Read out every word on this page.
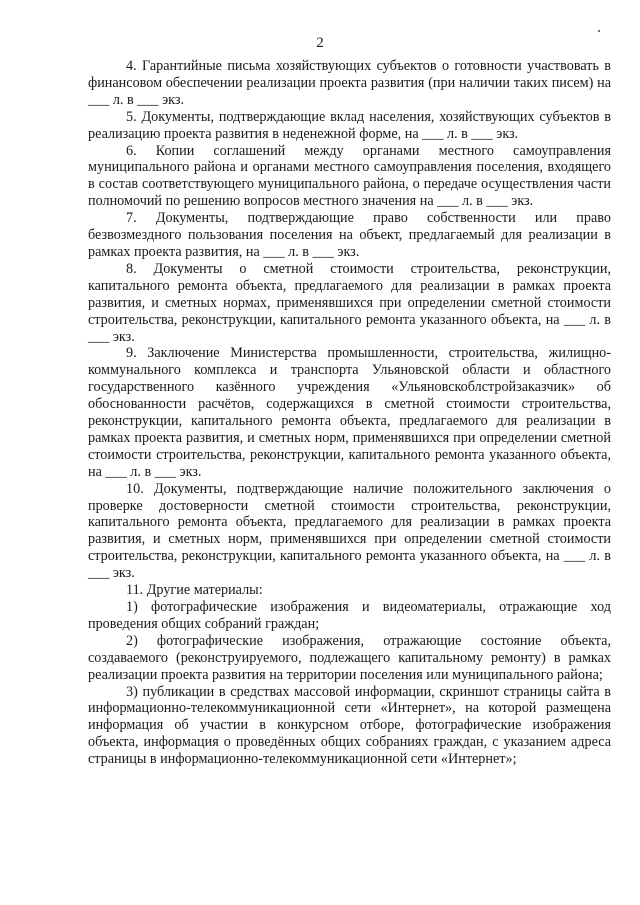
2

4. Гарантийные письма хозяйствующих субъектов о готовности участвовать в финансовом обеспечении реализации проекта развития (при наличии таких писем) на ___ л. в ___ экз.

5. Документы, подтверждающие вклад населения, хозяйствующих субъектов в реализацию проекта развития в неденежной форме, на ___ л. в ___ экз.

6. Копии соглашений между органами местного самоуправления муниципального района и органами местного самоуправления поселения, входящего в состав соответствующего муниципального района, о передаче осуществления части полномочий по решению вопросов местного значения на ___ л. в ___ экз.

7. Документы, подтверждающие право собственности или право безвозмездного пользования поселения на объект, предлагаемый для реализации в рамках проекта развития, на ___ л. в ___ экз.

8. Документы о сметной стоимости строительства, реконструкции, капитального ремонта объекта, предлагаемого для реализации в рамках проекта развития, и сметных нормах, применявшихся при определении сметной стоимости строительства, реконструкции, капитального ремонта указанного объекта, на ___ л. в ___ экз.

9. Заключение Министерства промышленности, строительства, жилищно-коммунального комплекса и транспорта Ульяновской области и областного государственного казённого учреждения «Ульяновскоблстройзаказчик» об обоснованности расчётов, содержащихся в сметной стоимости строительства, реконструкции, капитального ремонта объекта, предлагаемого для реализации в рамках проекта развития, и сметных норм, применявшихся при определении сметной стоимости строительства, реконструкции, капитального ремонта указанного объекта, на ___ л. в ___ экз.

10. Документы, подтверждающие наличие положительного заключения о проверке достоверности сметной стоимости строительства, реконструкции, капитального ремонта объекта, предлагаемого для реализации в рамках проекта развития, и сметных норм, применявшихся при определении сметной стоимости строительства, реконструкции, капитального ремонта указанного объекта, на ___ л. в ___ экз.

11. Другие материалы:

1) фотографические изображения и видеоматериалы, отражающие ход проведения общих собраний граждан;

2) фотографические изображения, отражающие состояние объекта, создаваемого (реконструируемого, подлежащего капитальному ремонту) в рамках реализации проекта развития на территории поселения или муниципального района;

3) публикации в средствах массовой информации, скриншот страницы сайта в информационно-телекоммуникационной сети «Интернет», на которой размещена информация об участии в конкурсном отборе, фотографические изображения объекта, информация о проведённых общих собраниях граждан, с указанием адреса страницы в информационно-телекоммуникационной сети «Интернет»;
